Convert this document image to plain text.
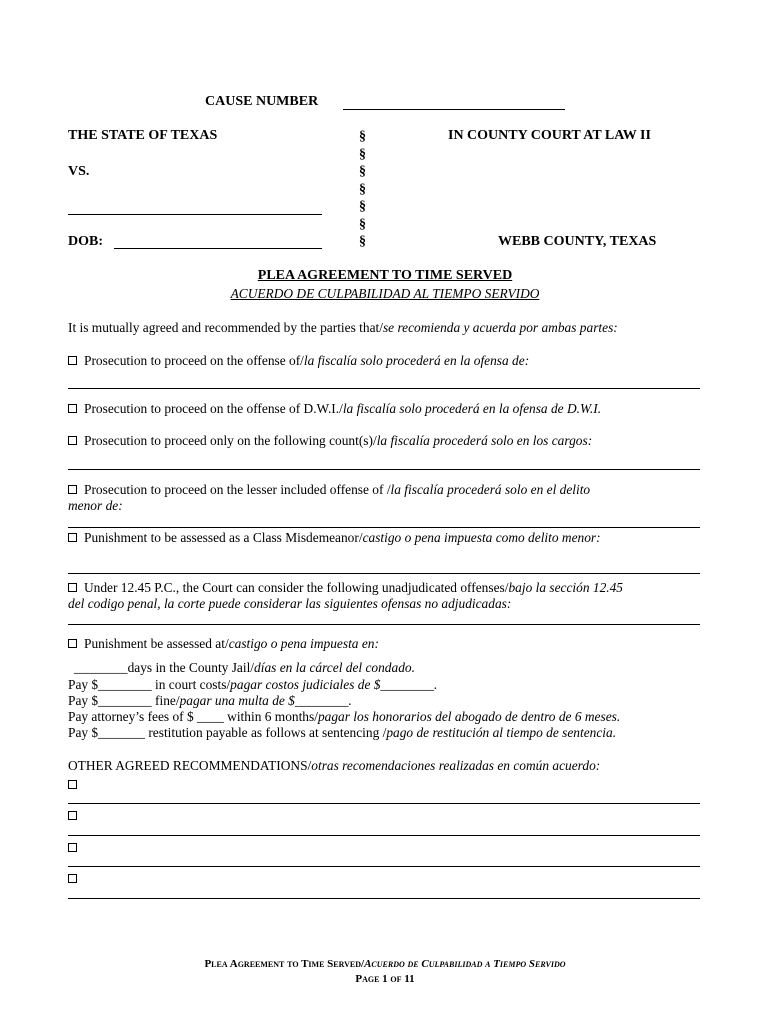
CAUSE NUMBER
THE STATE OF TEXAS
VS.
DOB:
§
§
§
§
§
§
§
IN COUNTY COURT AT LAW II
WEBB COUNTY, TEXAS
PLEA AGREEMENT TO TIME SERVED
ACUERDO DE CULPABILIDAD AL TIEMPO SERVIDO
It is mutually agreed and recommended by the parties that/se recomienda y acuerda por ambas partes:
Prosecution to proceed on the offense of/la fiscalía solo procederá en la ofensa de:
Prosecution to proceed on the offense of D.W.I./la fiscalía solo procederá en la ofensa de D.W.I.
Prosecution to proceed only on the following count(s)/la fiscalía procederá solo en los cargos:
Prosecution to proceed on the lesser included offense of /la fiscalía procederá solo en el delito
menor de:
Punishment to be assessed as a Class Misdemeanor/castigo o pena impuesta como delito menor:
Under 12.45 P.C., the Court can consider the following unadjudicated offenses/bajo la sección 12.45
del codigo penal, la corte puede considerar las siguientes ofensas no adjudicadas:
Punishment be assessed at/castigo o pena impuesta en:
________days in the County Jail/días en la cárcel del condado.
Pay $________ in court costs/pagar costos judiciales de $________.
Pay $________ fine/pagar una multa de $________.
Pay attorney’s fees of $ ____ within 6 months/pagar los honorarios del abogado de dentro de 6 meses.
Pay $_______ restitution payable as follows at sentencing /pago de restitución al tiempo de sentencia.
OTHER AGREED RECOMMENDATIONS/otras recomendaciones realizadas en común acuerdo:
Plea Agreement to Time Served/Acuerdo de Culpabilidad a Tiempo Servido
Page 1 of 11
